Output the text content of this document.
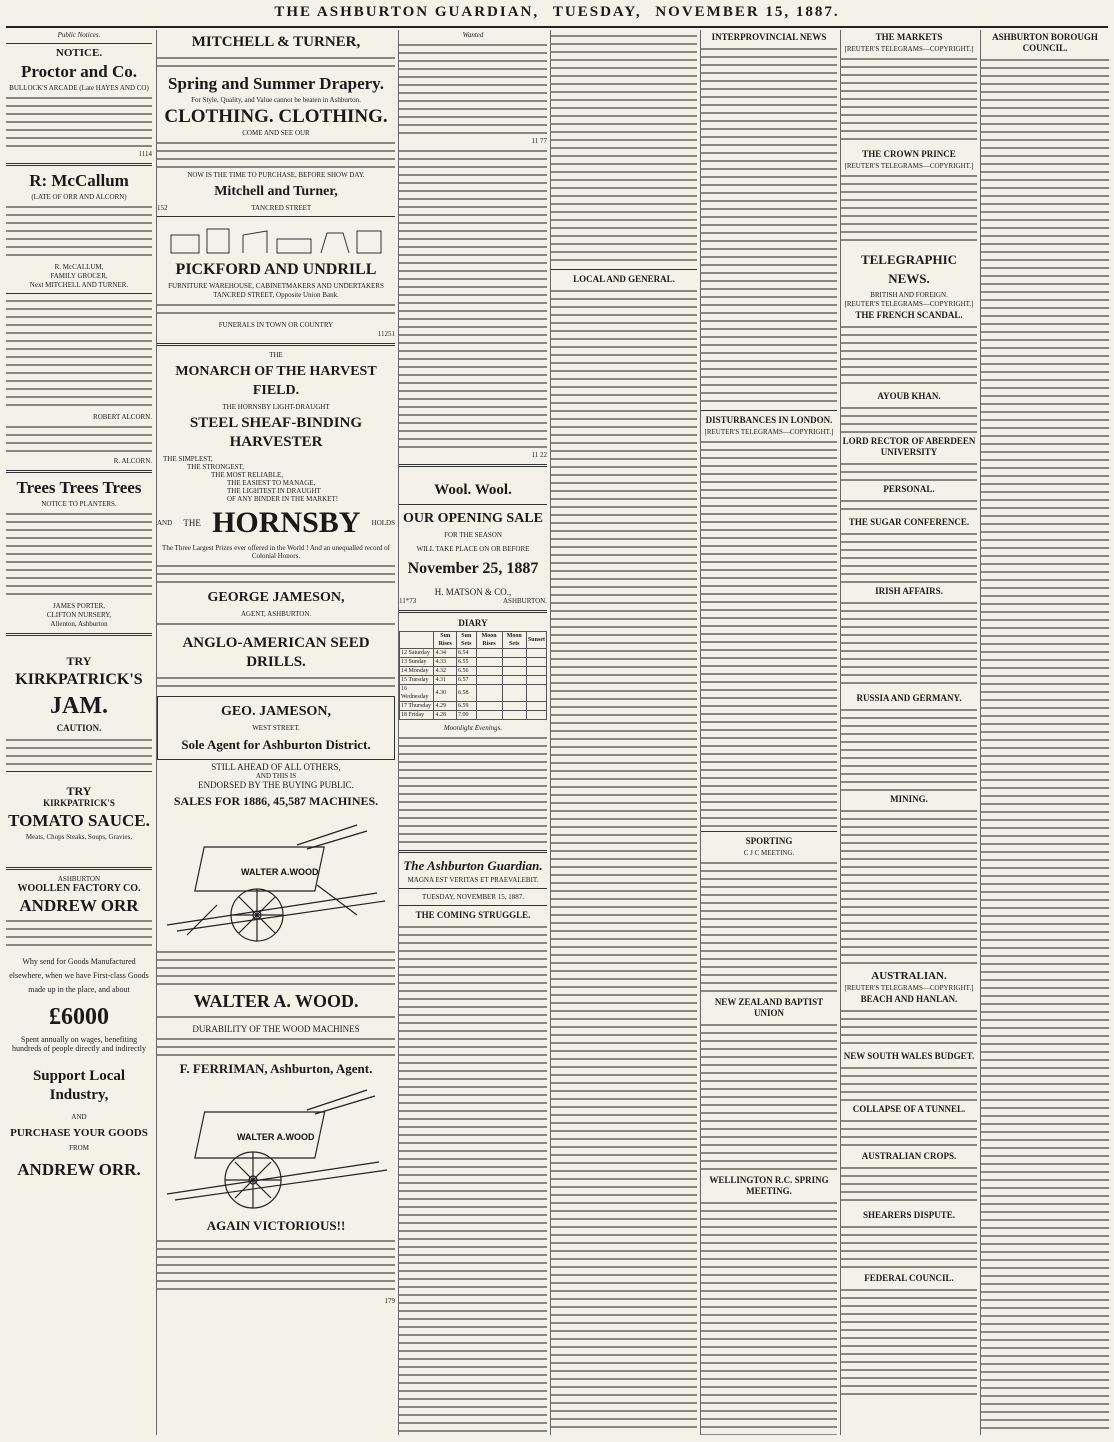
THE ASHBURTON GUARDIAN, TUESDAY, NOVEMBER 15, 1887.
Public Notices.
NOTICE.
Proctor and Co.
BULLOCK'S ARCADE (Late HAYES AND CO)
1114
R: McCallum
(LATE OF ORR AND ALCORN)
R. McCALLUM,
FAMILY GROCER,
Next MITCHELL AND TURNER.
ROBERT ALCORN.
R. ALCORN.
Trees Trees Trees
NOTICE TO PLANTERS.
JAMES PORTER,
CLIFTON NURSERY,
Allenton, Ashburton
TRY
KIRKPATRICK'S
JAM.
CAUTION.
TRY
KIRKPATRICK'S
TOMATO SAUCE.
Meats, Chops Steaks, Soups, Gravies,
ASHBURTON
WOOLLEN FACTORY CO.
ANDREW ORR
Why send for Goods Manufactured
elsewhere, when we have First-class Goods
made up in the place, and about
£6000
Spent annually on wages, benefiting
hundreds of people directly and indirectly
Support Local Industry,
AND
PURCHASE YOUR GOODS
FROM
ANDREW ORR.
MITCHELL & TURNER,
Spring and Summer Drapery.
For Style, Quality, and Value cannot be beaten in Ashburton.
CLOTHING. CLOTHING.
COME AND SEE OUR
NOW IS THE TIME TO PURCHASE, BEFORE SHOW DAY.
Mitchell and Turner,
152	TANCRED STREET
PICKFORD AND UNDRILL
FURNITURE WAREHOUSE, CABINETMAKERS AND UNDERTAKERS
TANCRED STREET, Opposite Union Bank.
FUNERALS IN TOWN OR COUNTRY
11251
THE
MONARCH OF THE HARVEST FIELD.
THE HORNSBY LIGHT-DRAUGHT
STEEL SHEAF-BINDING HARVESTER
THE SIMPLEST,
THE STRONGEST,
THE MOST RELIABLE,
THE EASIEST TO MANAGE,
THE LIGHTEST IN DRAUGHT
OF ANY BINDER IN THE MARKET!
AND THE HORNSBY HOLDS
The Three Largest Prizes ever offered in the World ! And an unequalled record of Colonial Honors.
GEORGE JAMESON,
AGENT, ASHBURTON.
ANGLO-AMERICAN SEED DRILLS.
GEO. JAMESON,
WEST STREET.
Sole Agent for Ashburton District.
STILL AHEAD OF ALL OTHERS,
AND THIS IS
ENDORSED BY THE BUYING PUBLIC.
SALES FOR 1886, 45,587 MACHINES.
WALTER A.WOOD
WALTER A. WOOD.
DURABILITY OF THE WOOD MACHINES
F. FERRIMAN, Ashburton, Agent.
WALTER A.WOOD
AGAIN VICTORIOUS!!
179
Wanted
11 77
11 22
Wool. Wool.
OUR OPENING SALE
FOR THE SEASON
WILL TAKE PLACE ON OR BEFORE
November 25, 1887
H. MATSON & CO.,
11*73	ASHBURTON.
DIARY
	Sun Rises	Sun Sets	Moon Rises	Moon Sets	Sunset
12 Saturday	4.34	6.54			
13 Sunday	4.33	6.55			
14 Monday	4.32	6.56			
15 Tuesday	4.31	6.57			
16 Wednesday	4.30	6.58			
17 Thursday	4.29	6.59			
18 Friday	4.28	7.00			
Moonlight Evenings.
The Ashburton Guardian.
MAGNA EST VERITAS ET PRAEVALEBIT.
TUESDAY, NOVEMBER 15, 1887.
THE COMING STRUGGLE.
LOCAL AND GENERAL.
INTERPROVINCIAL NEWS
DISTURBANCES IN LONDON.
[REUTER'S TELEGRAMS—COPYRIGHT.]
SPORTING
C J C MEETING.
NEW ZEALAND BAPTIST UNION
WELLINGTON R.C. SPRING MEETING.
THE MARKETS
[REUTER'S TELEGRAMS—COPYRIGHT.]
THE CROWN PRINCE
[REUTER'S TELEGRAMS—COPYRIGHT.]
TELEGRAPHIC NEWS.
BRITISH AND FOREIGN.
[REUTER'S TELEGRAMS—COPYRIGHT.]
THE FRENCH SCANDAL.
AYOUB KHAN.
LORD RECTOR OF ABERDEEN UNIVERSITY
PERSONAL.
THE SUGAR CONFERENCE.
IRISH AFFAIRS.
RUSSIA AND GERMANY.
MINING.
AUSTRALIAN.
[REUTER'S TELEGRAMS—COPYRIGHT.]
BEACH AND HANLAN.
NEW SOUTH WALES BUDGET.
COLLAPSE OF A TUNNEL.
AUSTRALIAN CROPS.
SHEARERS DISPUTE.
FEDERAL COUNCIL.
ASHBURTON BOROUGH COUNCIL.
